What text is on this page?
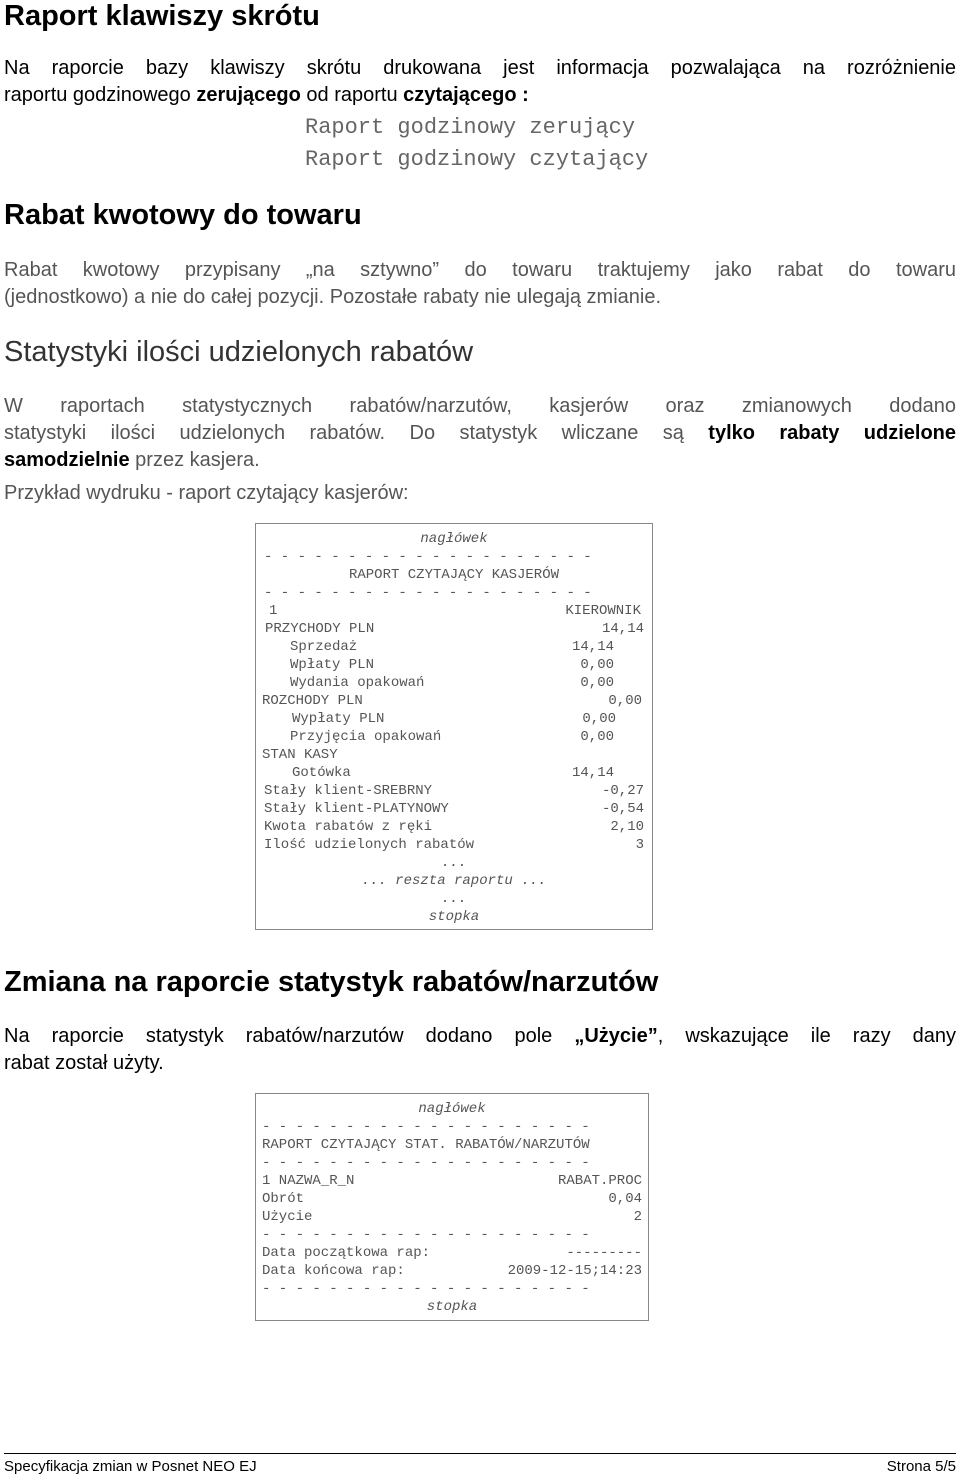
Raport klawiszy skrótu
Na raporcie bazy klawiszy skrótu drukowana jest informacja pozwalająca na rozróżnienie
raportu godzinowego zerującego od raportu czytającego :
Raport godzinowy zerujący
Raport godzinowy czytający
Rabat kwotowy do towaru
Rabat kwotowy przypisany „na sztywno” do towaru traktujemy jako rabat do towaru
(jednostkowo) a nie do całej pozycji. Pozostałe rabaty nie ulegają zmianie.
Statystyki ilości udzielonych rabatów
W raportach statystycznych rabatów/narzutów, kasjerów oraz zmianowych dodano
statystyki ilości udzielonych rabatów. Do statystyk wliczane są tylko rabaty udzielone
samodzielnie przez kasjera.
Przykład wydruku - raport czytający kasjerów:
nagłówek
- - - - - - - - - - - - - - - - - - - -
RAPORT CZYTAJĄCY KASJERÓW
- - - - - - - - - - - - - - - - - - - -
1	KIEROWNIK
PRZYCHODY PLN	14,14
Sprzedaż	14,14
Wpłaty PLN	0,00
Wydania opakowań	0,00
ROZCHODY PLN	0,00
Wypłaty PLN	0,00
Przyjęcia opakowań	0,00
STAN KASY
Gotówka	14,14
Stały klient-SREBRNY	-0,27
Stały klient-PLATYNOWY	-0,54
Kwota rabatów z ręki	2,10
Ilość udzielonych rabatów	3
...
... reszta raportu ...
...
stopka
Zmiana na raporcie statystyk rabatów/narzutów
Na raporcie statystyk rabatów/narzutów dodano pole „Użycie”, wskazujące ile razy dany
rabat został użyty.
nagłówek
- - - - - - - - - - - - - - - - - - - -
RAPORT CZYTAJĄCY STAT. RABATÓW/NARZUTÓW
- - - - - - - - - - - - - - - - - - - -
1 NAZWA_R_N	RABAT.PROC
Obrót	0,04
Użycie	2
- - - - - - - - - - - - - - - - - - - -
Data początkowa rap:	---------
Data końcowa rap:	2009-12-15;14:23
- - - - - - - - - - - - - - - - - - - -
stopka
Specyfikacja zmian w Posnet NEO EJ	Strona 5/5
